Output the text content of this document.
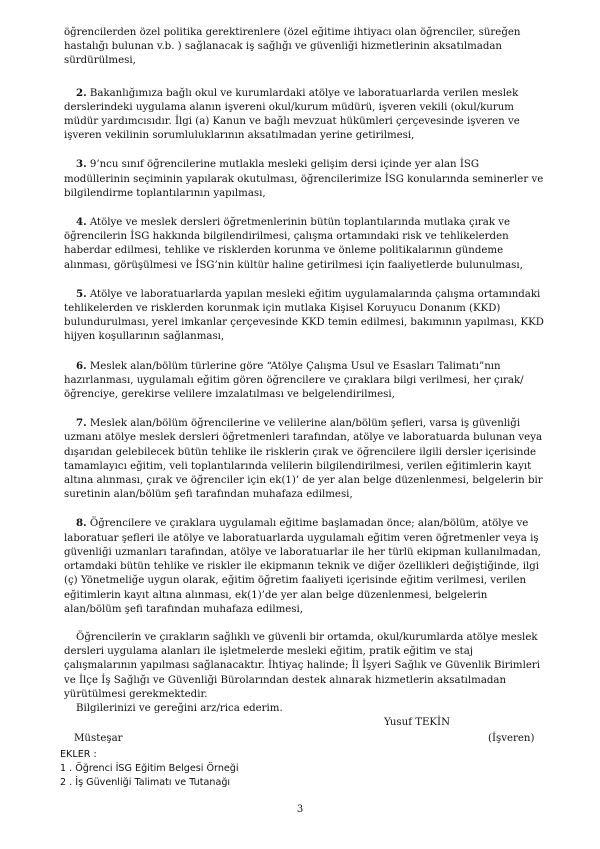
öğrencilerden özel politika gerektirenlere (özel eğitime ihtiyacı olan öğrenciler, süreğen hastalığı bulunan v.b. ) sağlanacak iş sağlığı ve güvenliği hizmetlerinin aksatılmadan sürdürülmesi,

2. Bakanlığımıza bağlı okul ve kurumlardaki atölye ve laboratuarlarda verilen meslek derslerindeki uygulama alanın işvereni okul/kurum müdürü, işveren vekili (okul/kurum müdür yardımcısıdır. İlgi (a) Kanun ve bağlı mevzuat hükümleri çerçevesinde işveren ve işveren vekilinin sorumluluklarının aksatılmadan yerine getirilmesi,

3. 9’ncu sınıf öğrencilerine mutlakla mesleki gelişim dersi içinde yer alan İSG modüllerinin seçiminin yapılarak okutulması, öğrencilerimize İSG konularında seminerler ve bilgilendirme toplantılarının yapılması,

4. Atölye ve meslek dersleri öğretmenlerinin bütün toplantılarında mutlaka çırak ve öğrencilerin İSG hakkında bilgilendirilmesi, çalışma ortamındaki risk ve tehlikelerden haberdar edilmesi, tehlike ve risklerden korunma ve önleme politikalarının gündeme alınması, görüşülmesi ve İSG’nin kültür haline getirilmesi için faaliyetlerde bulunulması,

5. Atölye ve laboratuarlarda yapılan mesleki eğitim uygulamalarında çalışma ortamındaki tehlikelerden ve risklerden korunmak için mutlaka Kişisel Koruyucu Donanım (KKD) bulundurulması, yerel imkanlar çerçevesinde KKD temin edilmesi, bakımının yapılması, KKD hijyen koşullarının sağlanması,

6. Meslek alan/bölüm türlerine göre “Atölye Çalışma Usul ve Esasları Talimatı”nın hazırlanması, uygulamalı eğitim gören öğrencilere ve çıraklara bilgi verilmesi, her çırak/öğrenciye, gerekirse velilere imzalatılması ve belgelendirilmesi,

7. Meslek alan/bölüm öğrencilerine ve velilerine alan/bölüm şefleri, varsa iş güvenliği uzmanı atölye meslek dersleri öğretmenleri tarafından, atölye ve laboratuarda bulunan veya dışarıdan gelebilecek bütün tehlike ile risklerin çırak ve öğrencilere ilgili dersler içerisinde tamamlayıcı eğitim, veli toplantılarında velilerin bilgilendirilmesi, verilen eğitimlerin kayıt altına alınması, çırak ve öğrenciler için ek(1)’ de yer alan belge düzenlenmesi, belgelerin bir suretinin alan/bölüm şefi tarafından muhafaza edilmesi,

8. Öğrencilere ve çıraklara uygulamalı eğitime başlamadan önce; alan/bölüm, atölye ve laboratuar şefleri ile atölye ve laboratuarlarda uygulamalı eğitim veren öğretmenler veya iş güvenliği uzmanları tarafından, atölye ve laboratuarlar ile her türlü ekipman kullanılmadan, ortamdaki bütün tehlike ve riskler ile ekipmanın teknik ve diğer özellikleri değiştiğinde, ilgi (ç) Yönetmeliğe uygun olarak, eğitim öğretim faaliyeti içerisinde eğitim verilmesi, verilen eğitimlerin kayıt altına alınması, ek(1)’de yer alan belge düzenlenmesi, belgelerin alan/bölüm şefi tarafından muhafaza edilmesi,

Öğrencilerin ve çırakların sağlıklı ve güvenli bir ortamda, okul/kurumlarda atölye meslek dersleri uygulama alanları ile işletmelerde mesleki eğitim, pratik eğitim ve staj çalışmalarının yapılması sağlanacaktır. İhtiyaç halinde; İl İşyeri Sağlık ve Güvenlik Birimleri ve İlçe İş Sağlığı ve Güvenliği Bürolarından destek alınarak hizmetlerin aksatılmadan yürütülmesi gerekmektedir.

Bilgilerinizi ve gereğini arz/rica ederim.

Yusuf TEKİN
Müsteşar	(İşveren)
EKLER :
1 . Öğrenci İSG Eğitim Belgesi Örneği
2 . İş Güvenliği Talimatı ve Tutanağı
3
